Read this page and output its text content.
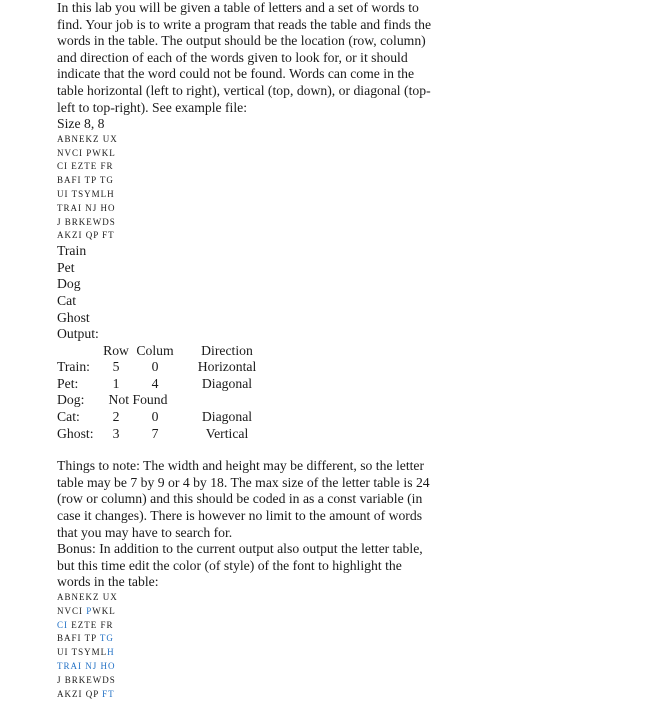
In this lab you will be given a table of letters and a set of words to find. Your job is to write a program that reads the table and finds the words in the table. The output should be the location (row, column) and direction of each of the words given to look for, or it should indicate that the word could not be found. Words can come in the table horizontal (left to right), vertical (top, down), or diagonal (top-left to top-right). See example file:

Size 8, 8

ABNEKZ UX
NVCI PWKL
CI EZTE FR
BAFI TP TG
UI TSYMLH
TRAI NJ HO
J BRKEWDS
AKZI QP FT
Train
Pet
Dog
Cat
Ghost

Output:

	Row	Colum	Direction
Train:	5	0	Horizontal
Pet:	1	4	Diagonal
Dog:	Not Found		
Cat:	2	0	Diagonal
Ghost:	3	7	Vertical

Things to note: The width and height may be different, so the letter table may be 7 by 9 or 4 by 18. The max size of the letter table is 24 (row or column) and this should be coded in as a const variable (in case it changes). There is however no limit to the amount of words that you may have to search for.

Bonus: In addition to the current output also output the letter table, but this time edit the color (of style) of the font to highlight the words in the table:

ABNEKZ UX
NVCI PWKL
CI EZTE FR
BAFI TP TG
UI TSYMLH
TRAI NJ HO
J BRKEWDS
AKZI QP FT
